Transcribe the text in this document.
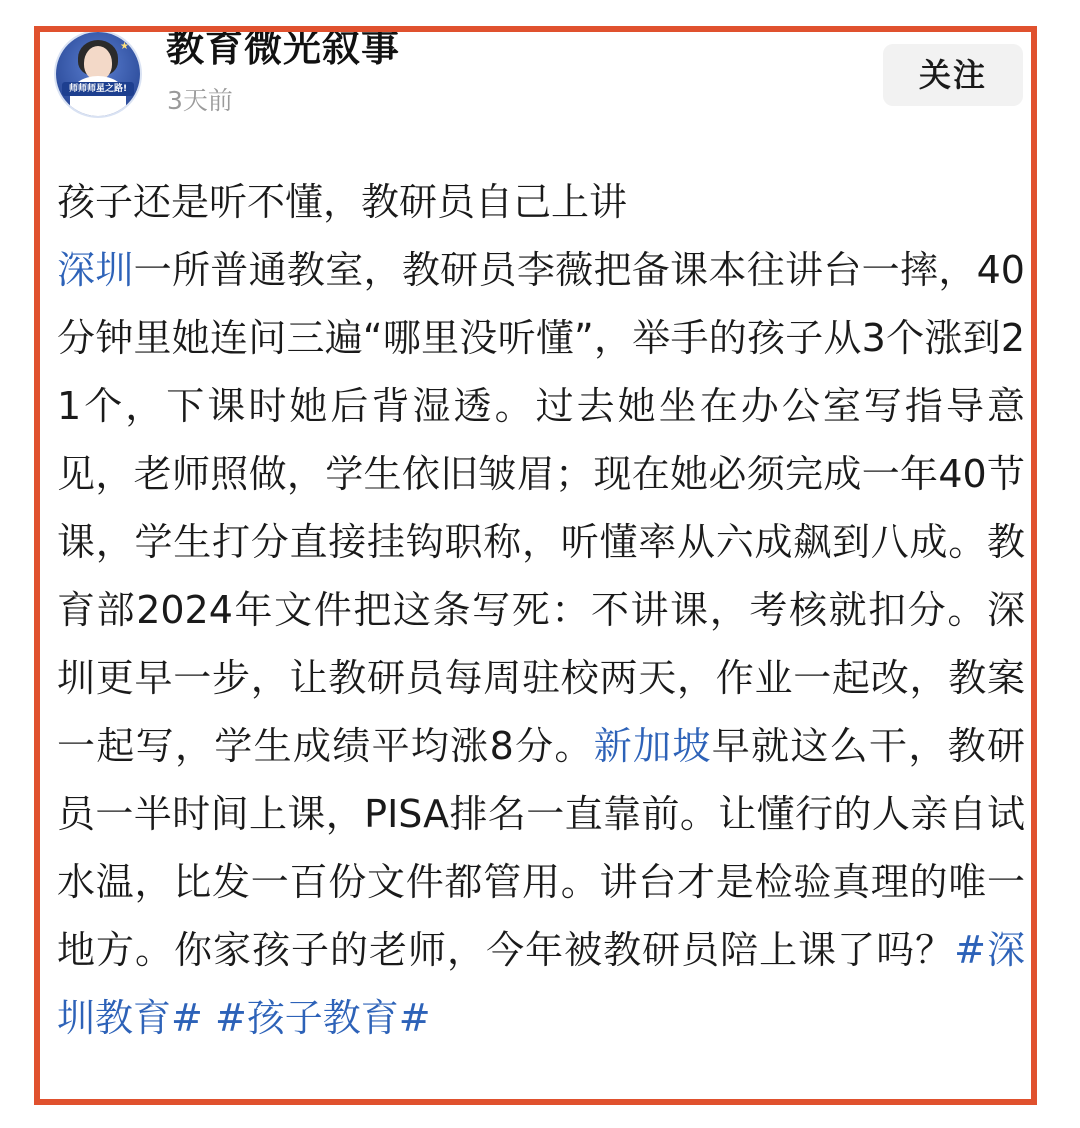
师师师星之路!
教育微光叙事
★ 教育微光叙事
3天前
关注
孩子还是听不懂，教研员自己上讲
深圳一所普通教室，教研员李薇把备课本往讲台一摔，40分钟里她连问三遍“哪里没听懂”，举手的孩子从3个涨到21个，下课时她后背湿透。过去她坐在办公室写指导意见，老师照做，学生依旧皱眉；现在她必须完成一年40节课，学生打分直接挂钩职称，听懂率从六成飙到八成。教育部2024年文件把这条写死：不讲课，考核就扣分。深圳更早一步，让教研员每周驻校两天，作业一起改，教案一起写，学生成绩平均涨8分。新加坡早就这么干，教研员一半时间上课，PISA排名一直靠前。让懂行的人亲自试水温，比发一百份文件都管用。讲台才是检验真理的唯一地方。你家孩子的老师，今年被教研员陪上课了吗？#深圳教育# #孩子教育#
